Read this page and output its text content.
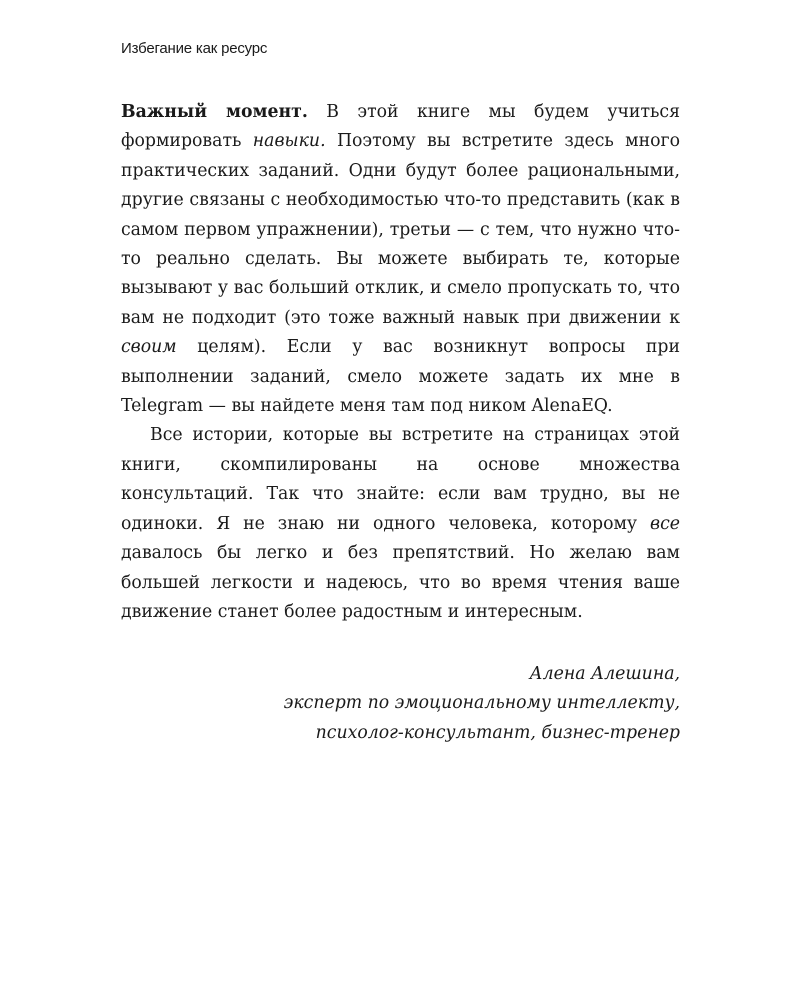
Избегание как ресурс

Важный момент. В этой книге мы будем учиться формировать навыки. Поэтому вы встретите здесь много практических заданий. Одни будут более рациональными, другие связаны с необходимостью что-то представить (как в самом первом упражнении), третьи — с тем, что нужно что-то реально сделать. Вы можете выбирать те, которые вызывают у вас больший отклик, и смело пропускать то, что вам не подходит (это тоже важный навык при движении к своим целям). Если у вас возникнут вопросы при выполнении заданий, смело можете задать их мне в Telegram — вы найдете меня там под ником AlenaEQ.

Все истории, которые вы встретите на страницах этой книги, скомпилированы на основе множества консультаций. Так что знайте: если вам трудно, вы не одиноки. Я не знаю ни одного человека, которому все давалось бы легко и без препятствий. Но желаю вам большей легкости и надеюсь, что во время чтения ваше движение станет более радостным и интересным.

Алена Алешина,
эксперт по эмоциональному интеллекту,
психолог-консультант, бизнес-тренер
